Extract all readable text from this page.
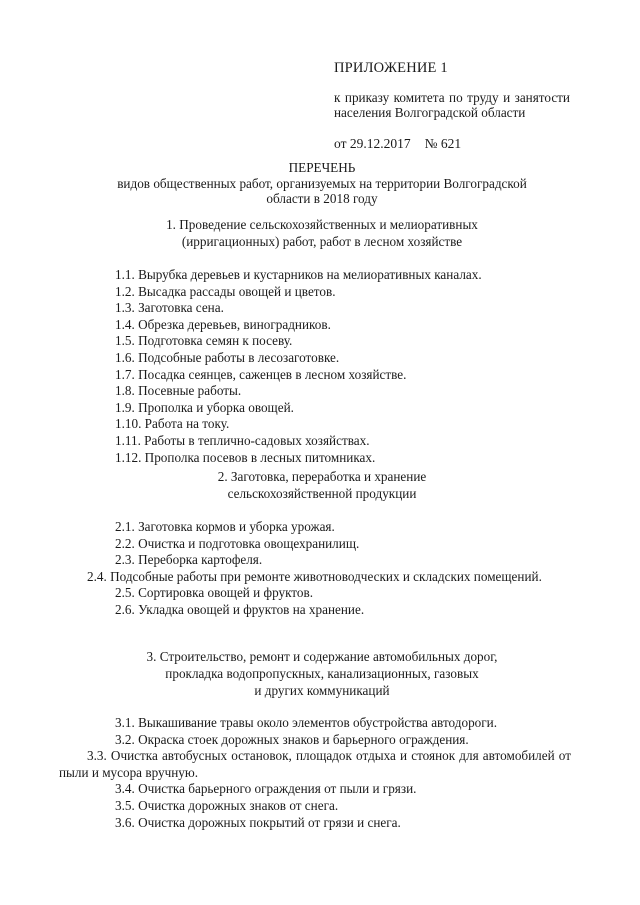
ПРИЛОЖЕНИЕ 1
к приказу комитета по труду и занятости населения Волгоградской области
от 29.12.2017 № 621
ПЕРЕЧЕНЬ
видов общественных работ, организуемых на территории Волгоградской
области в 2018 году
1. Проведение сельскохозяйственных и мелиоративных
(ирригационных) работ, работ в лесном хозяйстве
1.1. Вырубка деревьев и кустарников на мелиоративных каналах.
1.2. Высадка рассады овощей и цветов.
1.3. Заготовка сена.
1.4. Обрезка деревьев, виноградников.
1.5. Подготовка семян к посеву.
1.6. Подсобные работы в лесозаготовке.
1.7. Посадка сеянцев, саженцев в лесном хозяйстве.
1.8. Посевные работы.
1.9. Прополка и уборка овощей.
1.10. Работа на току.
1.11. Работы в теплично-садовых хозяйствах.
1.12. Прополка посевов в лесных питомниках.
2. Заготовка, переработка и хранение
сельскохозяйственной продукции
2.1. Заготовка кормов и уборка урожая.
2.2. Очистка и подготовка овощехранилищ.
2.3. Переборка картофеля.
2.4. Подсобные работы при ремонте животноводческих и складских помещений.
2.5. Сортировка овощей и фруктов.
2.6. Укладка овощей и фруктов на хранение.
3. Строительство, ремонт и содержание автомобильных дорог,
прокладка водопропускных, канализационных, газовых
и других коммуникаций
3.1. Выкашивание травы около элементов обустройства автодороги.
3.2. Окраска стоек дорожных знаков и барьерного ограждения.
3.3. Очистка автобусных остановок, площадок отдыха и стоянок для автомобилей от пыли и мусора вручную.
3.4. Очистка барьерного ограждения от пыли и грязи.
3.5. Очистка дорожных знаков от снега.
3.6. Очистка дорожных покрытий от грязи и снега.
